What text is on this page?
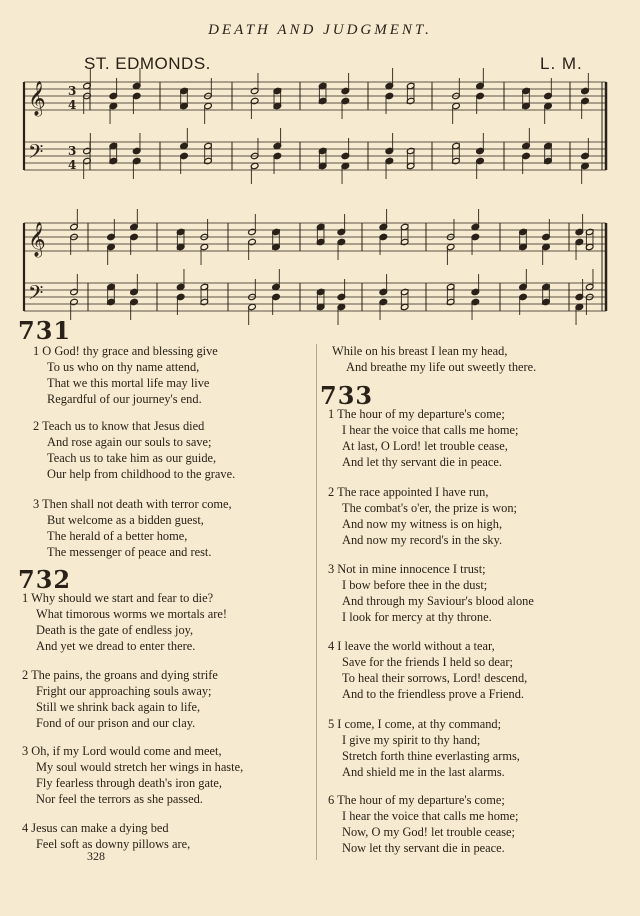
DEATH AND JUDGMENT.
ST. EDMONDS.	L. M.
𝄞
𝄢
3
4
3
4
𝄞
𝄢
731
1 O God! thy grace and blessing give
To us who on thy name attend,
That we this mortal life may live
Regardful of our journey's end.
2 Teach us to know that Jesus died
And rose again our souls to save;
Teach us to take him as our guide,
Our help from childhood to the grave.
3 Then shall not death with terror come,
But welcome as a bidden guest,
The herald of a better home,
The messenger of peace and rest.
732
1 Why should we start and fear to die?
What timorous worms we mortals are!
Death is the gate of endless joy,
And yet we dread to enter there.
2 The pains, the groans and dying strife
Fright our approaching souls away;
Still we shrink back again to life,
Fond of our prison and our clay.
3 Oh, if my Lord would come and meet,
My soul would stretch her wings in haste,
Fly fearless through death's iron gate,
Nor feel the terrors as she passed.
4 Jesus can make a dying bed
Feel soft as downy pillows are,
328
While on his breast I lean my head,
And breathe my life out sweetly there.
733
1 The hour of my departure's come;
I hear the voice that calls me home;
At last, O Lord! let trouble cease,
And let thy servant die in peace.
2 The race appointed I have run,
The combat's o'er, the prize is won;
And now my witness is on high,
And now my record's in the sky.
3 Not in mine innocence I trust;
I bow before thee in the dust;
And through my Saviour's blood alone
I look for mercy at thy throne.
4 I leave the world without a tear,
Save for the friends I held so dear;
To heal their sorrows, Lord! descend,
And to the friendless prove a Friend.
5 I come, I come, at thy command;
I give my spirit to thy hand;
Stretch forth thine everlasting arms,
And shield me in the last alarms.
6 The hour of my departure's come;
I hear the voice that calls me home;
Now, O my God! let trouble cease;
Now let thy servant die in peace.
